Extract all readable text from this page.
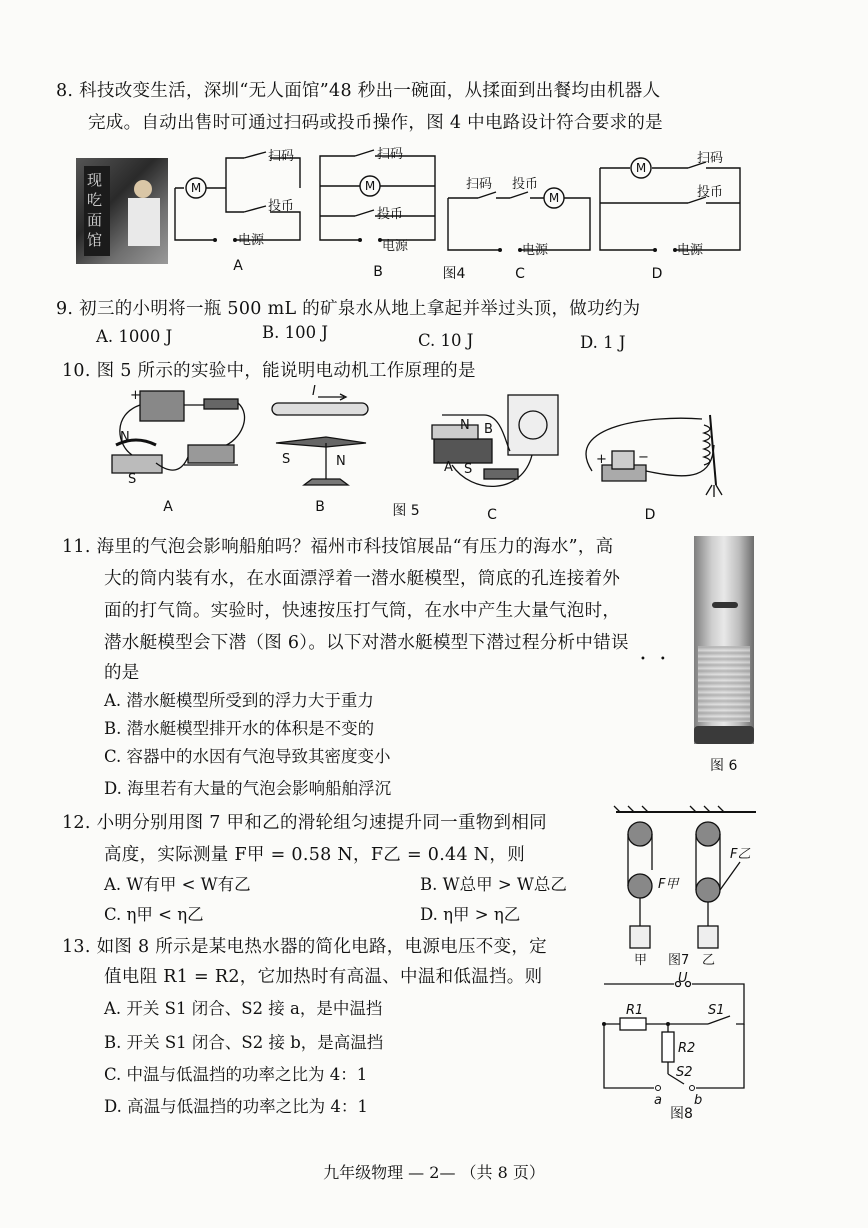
8. 科技改变生活，深圳“无人面馆”48 秒出一碗面，从揉面到出餐均由机器人
完成。自动出售时可通过扫码或投币操作，图 4 中电路设计符合要求的是
现
吃
面
馆
M	M
M
M
扫码
投币
电源
扫码
投币
电源
扫码 投币
电源
扫码
投币
电源
A	B	图4	C	D
9. 初三的小明将一瓶 500 mL 的矿泉水从地上拿起并举过头顶，做功约为
A. 1000 J	B. 100 J	C. 10 J	D. 1 J
10. 图 5 所示的实验中，能说明电动机工作原理的是
+
N
S
I
S	N
N B
A S
+ −
A	B	图 5	C	D
11. 海里的气泡会影响船舶吗？福州市科技馆展品“有压力的海水”，高
大的筒内装有水，在水面漂浮着一潜水艇模型，筒底的孔连接着外
面的打气筒。实验时，快速按压打气筒，在水中产生大量气泡时，
潜水艇模型会下潜（图 6）。以下对潜水艇模型下潜过程分析中错误
••
的是
A. 潜水艇模型所受到的浮力大于重力
B. 潜水艇模型排开水的体积是不变的
C. 容器中的水因有气泡导致其密度变小
D. 海里若有大量的气泡会影响船舶浮沉
图 6
12. 小明分别用图 7 甲和乙的滑轮组匀速提升同一重物到相同
高度，实际测量 F甲 = 0.58 N，F乙 = 0.44 N，则
A. W有甲 < W有乙	B. W总甲 > W总乙
C. η甲 < η乙	D. η甲 > η乙
F甲
F乙
甲 图7 乙
13. 如图 8 所示是某电热水器的简化电路，电源电压不变，定
值电阻 R1 = R2，它加热时有高温、中温和低温挡。则
A. 开关 S1 闭合、S2 接 a，是中温挡
B. 开关 S1 闭合、S2 接 b，是高温挡
C. 中温与低温挡的功率之比为 4：1
D. 高温与低温挡的功率之比为 4：1
U
R1
R2
S1
S2
a b
图8
九年级物理 — 2— （共 8 页）
